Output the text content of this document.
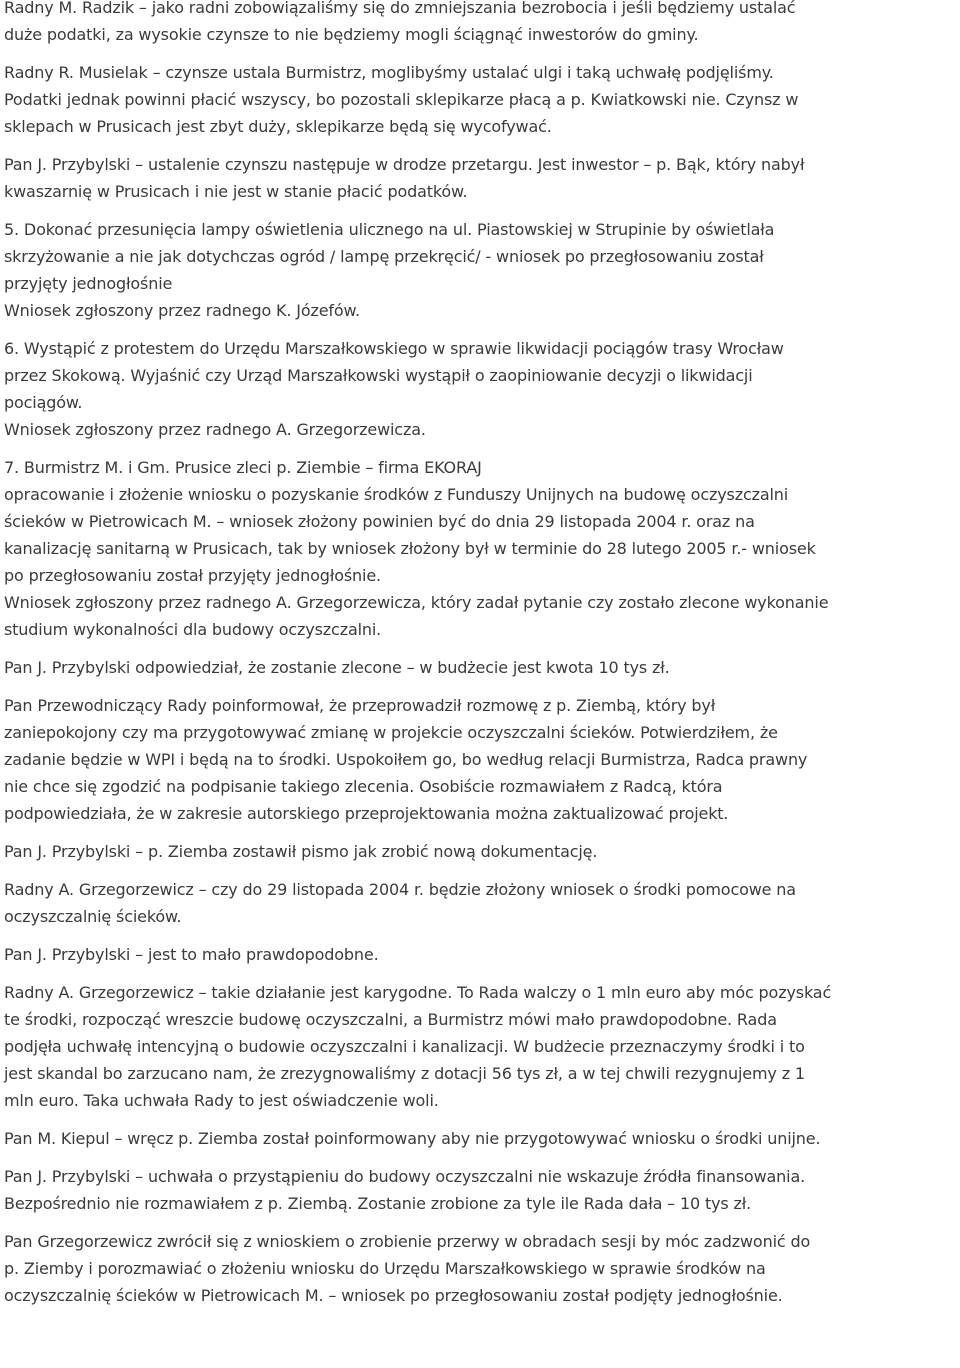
Radny M. Radzik – jako radni zobowiązaliśmy się do zmniejszania bezrobocia i jeśli będziemy ustalać
duże podatki, za wysokie czynsze to nie będziemy mogli ściągnąć inwestorów do gminy.
Radny R. Musielak – czynsze ustala Burmistrz, moglibyśmy ustalać ulgi i taką uchwałę podjęliśmy.
Podatki jednak powinni płacić wszyscy, bo pozostali sklepikarze płacą a p. Kwiatkowski nie. Czynsz w
sklepach w Prusicach jest zbyt duży, sklepikarze będą się wycofywać.
Pan J. Przybylski – ustalenie czynszu następuje w drodze przetargu. Jest inwestor – p. Bąk, który nabył
kwaszarnię w Prusicach i nie jest w stanie płacić podatków.
5. Dokonać przesunięcia lampy oświetlenia ulicznego na ul. Piastowskiej w Strupinie by oświetlała
skrzyżowanie a nie jak dotychczas ogród / lampę przekręcić/ - wniosek po przegłosowaniu został
przyjęty jednogłośnie
Wniosek zgłoszony przez radnego K. Józefów.
6. Wystąpić z protestem do Urzędu Marszałkowskiego w sprawie likwidacji pociągów trasy Wrocław
przez Skokową. Wyjaśnić czy Urząd Marszałkowski wystąpił o zaopiniowanie decyzji o likwidacji
pociągów.
Wniosek zgłoszony przez radnego A. Grzegorzewicza.
7. Burmistrz M. i Gm. Prusice zleci p. Ziembie – firma EKORAJ
opracowanie i złożenie wniosku o pozyskanie środków z Funduszy Unijnych na budowę oczyszczalni
ścieków w Pietrowicach M. – wniosek złożony powinien być do dnia 29 listopada 2004 r. oraz na
kanalizację sanitarną w Prusicach, tak by wniosek złożony był w terminie do 28 lutego 2005 r.- wniosek
po przegłosowaniu został przyjęty jednogłośnie.
Wniosek zgłoszony przez radnego A. Grzegorzewicza, który zadał pytanie czy zostało zlecone wykonanie
studium wykonalności dla budowy oczyszczalni.
Pan J. Przybylski odpowiedział, że zostanie zlecone – w budżecie jest kwota 10 tys zł.
Pan Przewodniczący Rady poinformował, że przeprowadził rozmowę z p. Ziembą, który był
zaniepokojony czy ma przygotowywać zmianę w projekcie oczyszczalni ścieków. Potwierdziłem, że
zadanie będzie w WPI i będą na to środki. Uspokoiłem go, bo według relacji Burmistrza, Radca prawny
nie chce się zgodzić na podpisanie takiego zlecenia. Osobiście rozmawiałem z Radcą, która
podpowiedziała, że w zakresie autorskiego przeprojektowania można zaktualizować projekt.
Pan J. Przybylski – p. Ziemba zostawił pismo jak zrobić nową dokumentację.
Radny A. Grzegorzewicz – czy do 29 listopada 2004 r. będzie złożony wniosek o środki pomocowe na
oczyszczalnię ścieków.
Pan J. Przybylski – jest to mało prawdopodobne.
Radny A. Grzegorzewicz – takie działanie jest karygodne. To Rada walczy o 1 mln euro aby móc pozyskać
te środki, rozpocząć wreszcie budowę oczyszczalni, a Burmistrz mówi mało prawdopodobne. Rada
podjęła uchwałę intencyjną o budowie oczyszczalni i kanalizacji. W budżecie przeznaczymy środki i to
jest skandal bo zarzucano nam, że zrezygnowaliśmy z dotacji 56 tys zł, a w tej chwili rezygnujemy z 1
mln euro. Taka uchwała Rady to jest oświadczenie woli.
Pan M. Kiepul – wręcz p. Ziemba został poinformowany aby nie przygotowywać wniosku o środki unijne.
Pan J. Przybylski – uchwała o przystąpieniu do budowy oczyszczalni nie wskazuje źródła finansowania.
Bezpośrednio nie rozmawiałem z p. Ziembą. Zostanie zrobione za tyle ile Rada dała – 10 tys zł.
Pan Grzegorzewicz zwrócił się z wnioskiem o zrobienie przerwy w obradach sesji by móc zadzwonić do
p. Ziemby i porozmawiać o złożeniu wniosku do Urzędu Marszałkowskiego w sprawie środków na
oczyszczalnię ścieków w Pietrowicach M. – wniosek po przegłosowaniu został podjęty jednogłośnie.
